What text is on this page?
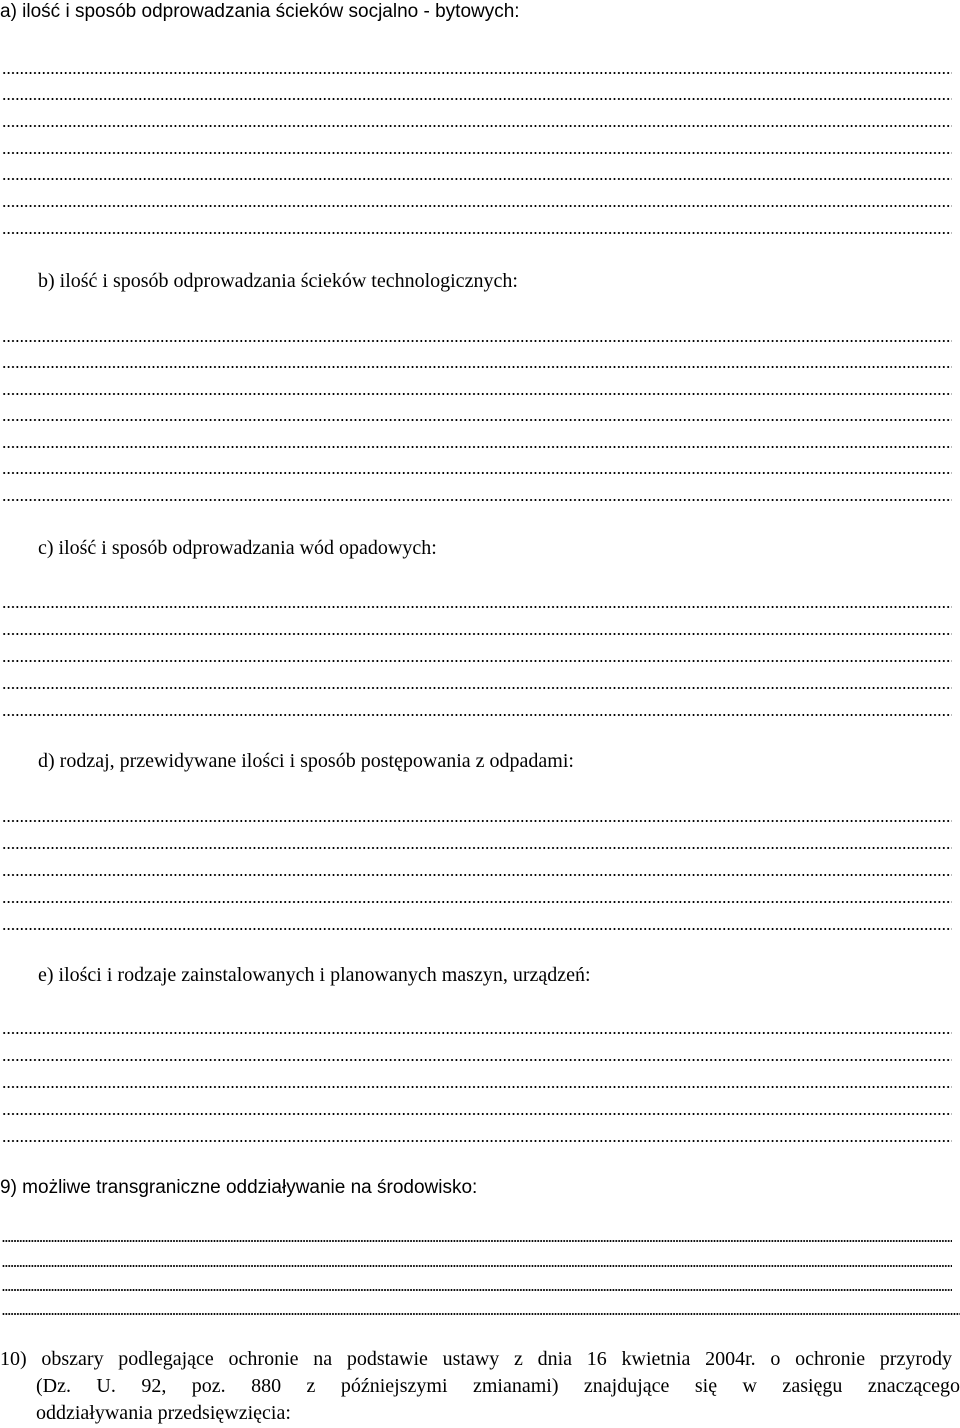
a) ilość i sposób odprowadzania ścieków socjalno - bytowych:
b) ilość i sposób odprowadzania ścieków technologicznych:
c) ilość i sposób odprowadzania wód opadowych:
d) rodzaj, przewidywane ilości i sposób postępowania z odpadami:
e) ilości i rodzaje zainstalowanych i planowanych maszyn, urządzeń:
9) możliwe transgraniczne oddziaływanie na środowisko:
10) obszary podlegające ochronie na podstawie ustawy z dnia 16 kwietnia 2004r. o ochronie przyrody
(Dz. U. 92, poz. 880 z późniejszymi zmianami) znajdujące się w zasięgu znaczącego
oddziaływania przedsięwzięcia:
